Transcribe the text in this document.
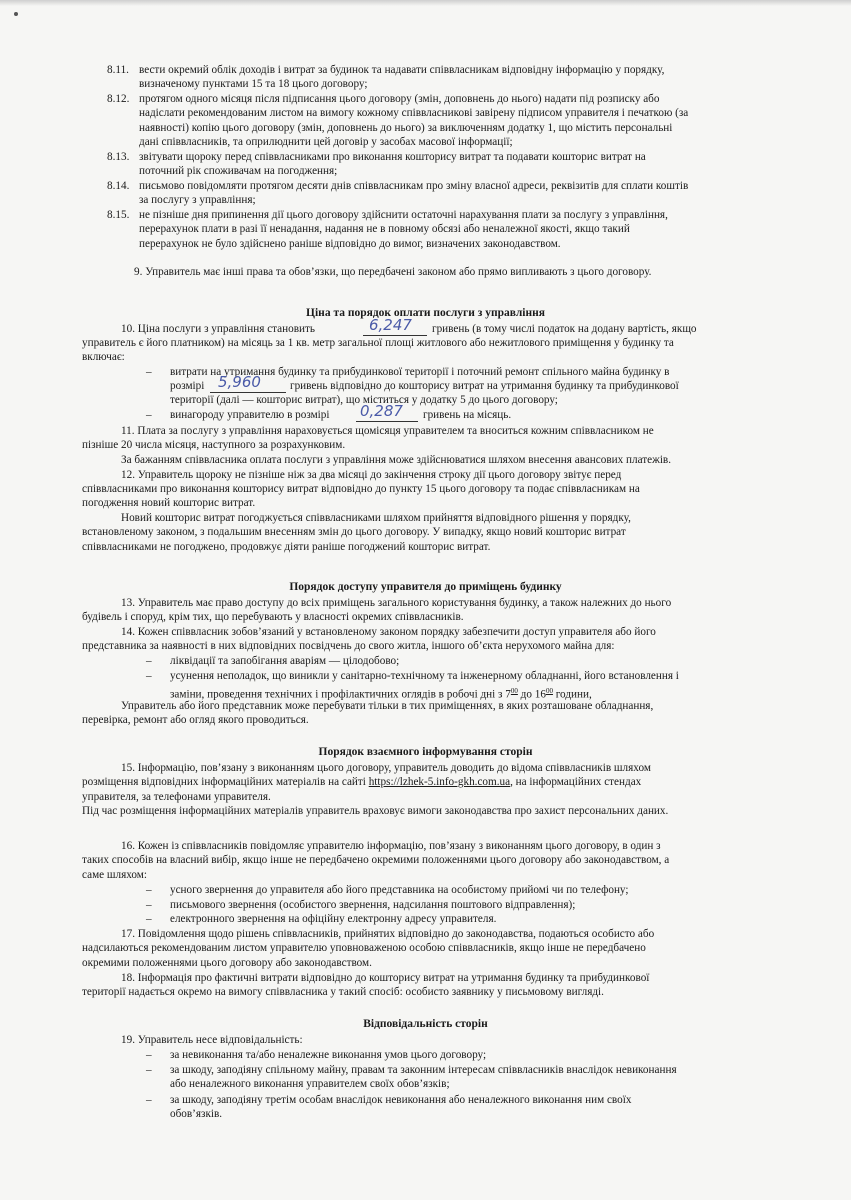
8.11. вести окремий облік доходів і витрат за будинок та надавати співвласникам відповідну інформацію у порядку,
визначеному пунктами 15 та 18 цього договору;
8.12. протягом одного місяця після підписання цього договору (змін, доповнень до нього) надати під розписку або
надіслати рекомендованим листом на вимогу кожному співвласникові завірену підписом управителя і печаткою (за
наявності) копію цього договору (змін, доповнень до нього) за виключенням додатку 1, що містить персональні
дані співвласників, та оприлюднити цей договір у засобах масової інформації;
8.13. звітувати щороку перед співвласниками про виконання кошторису витрат та подавати кошторис витрат на
поточний рік споживачам на погодження;
8.14. письмово повідомляти протягом десяти днів співвласникам про зміну власної адреси, реквізитів для сплати коштів
за послугу з управління;
8.15. не пізніше дня припинення дії цього договору здійснити остаточні нарахування плати за послугу з управління,
перерахунок плати в разі її ненадання, надання не в повному обсязі або неналежної якості, якщо такий
перерахунок не було здійснено раніше відповідно до вимог, визначених законодавством.
9. Управитель має інші права та обов’язки, що передбачені законом або прямо випливають з цього договору.
Ціна та порядок оплати послуги з управління
10. Ціна послуги з управління становить	6,247 гривень (в тому числі податок на додану вартість, якщо
управитель є його платником) на місяць за 1 кв. метр загальної площі житлового або нежитлового приміщення у будинку та
включає:
– витрати на утримання будинку та прибудинкової території і поточний ремонт спільного майна будинку в
розмірі 5,960	гривень відповідно до кошторису витрат на утримання будинку та прибудинкової
території (далі — кошторис витрат), що міститься у додатку 5 до цього договору;
– винагороду управителю в розмірі 0,287 гривень на місяць.
11. Плата за послугу з управління нараховується щомісяця управителем та вноситься кожним співвласником не
пізніше 20 числа місяця, наступного за розрахунковим.
За бажанням співвласника оплата послуги з управління може здійснюватися шляхом внесення авансових платежів.
12. Управитель щороку не пізніше ніж за два місяці до закінчення строку дії цього договору звітує перед
співвласниками про виконання кошторису витрат відповідно до пункту 15 цього договору та подає співвласникам на
погодження новий кошторис витрат.
Новий кошторис витрат погоджується співвласниками шляхом прийняття відповідного рішення у порядку,
встановленому законом, з подальшим внесенням змін до цього договору. У випадку, якщо новий кошторис витрат
співвласниками не погоджено, продовжує діяти раніше погоджений кошторис витрат.
Порядок доступу управителя до приміщень будинку
13. Управитель має право доступу до всіх приміщень загального користування будинку, а також належних до нього
будівель і споруд, крім тих, що перебувають у власності окремих співвласників.
14. Кожен співвласник зобов’язаний у встановленому законом порядку забезпечити доступ управителя або його
представника за наявності в них відповідних посвідчень до свого житла, іншого об’єкта нерухомого майна для:
– ліквідації та запобігання аваріям — цілодобово;
– усунення неполадок, що виникли у санітарно-технічному та інженерному обладнанні, його встановлення і
заміни, проведення технічних і профілактичних оглядів в робочі дні з $7^{00}$ до $16^{00}$ години,
Управитель або його представник може перебувати тільки в тих приміщеннях, в яких розташоване обладнання,
перевірка, ремонт або огляд якого проводиться.
Порядок взаємного інформування сторін
15. Інформацію, пов’язану з виконанням цього договору, управитель доводить до відома співвласників шляхом
розміщення відповідних інформаційних матеріалів на сайті https://lzhek-5.info-gkh.com.ua, на інформаційних стендах
управителя, за телефонами управителя.
Під час розміщення інформаційних матеріалів управитель враховує вимоги законодавства про захист персональних даних.
16. Кожен із співвласників повідомляє управителю інформацію, пов’язану з виконанням цього договору, в один з
таких способів на власний вибір, якщо інше не передбачено окремими положеннями цього договору або законодавством, а
саме шляхом:
– усного звернення до управителя або його представника на особистому прийомі чи по телефону;
– письмового звернення (особистого звернення, надсилання поштового відправлення);
– електронного звернення на офіційну електронну адресу управителя.
17. Повідомлення щодо рішень співвласників, прийнятих відповідно до законодавства, подаються особисто або
надсилаються рекомендованим листом управителю уповноваженою особою співвласників, якщо інше не передбачено
окремими положеннями цього договору або законодавством.
18. Інформація про фактичні витрати відповідно до кошторису витрат на утримання будинку та прибудинкової
території надається окремо на вимогу співвласника у такий спосіб: особисто заявнику у письмовому вигляді.
Відповідальність сторін
19. Управитель несе відповідальність:
– за невиконання та/або неналежне виконання умов цього договору;
– за шкоду, заподіяну спільному майну, правам та законним інтересам співвласників внаслідок невиконання
або неналежного виконання управителем своїх обов’язків;
– за шкоду, заподіяну третім особам внаслідок невиконання або неналежного виконання ним своїх
обов’язків.
